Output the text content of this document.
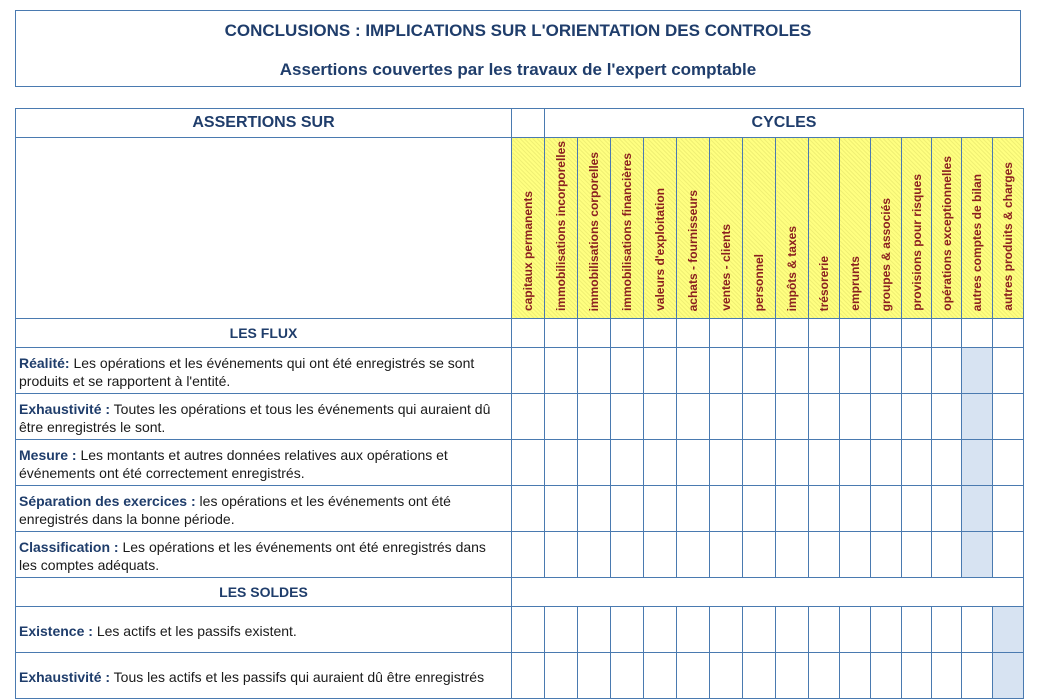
CONCLUSIONS : IMPLICATIONS SUR L'ORIENTATION DES CONTROLES
Assertions couvertes par les travaux de l'expert comptable
ASSERTIONS SUR		CYCLES														
	capitaux permanents	immobilisations incorporelles	immobilisations corporelles	immobilisations financières	valeurs d'exploitation	achats - fournisseurs	ventes - clients	personnel	impôts & taxes	trésorerie	emprunts	groupes & associés	provisions pour risques	opérations exceptionnelles	autres comptes de bilan	autres produits & charges
LES FLUX																
Réalité: Les opérations et les événements qui ont été enregistrés se sont produits et se rapportent à l'entité.																
Exhaustivité : Toutes les opérations et tous les événements qui auraient dû être enregistrés le sont.																
Mesure : Les montants et autres données relatives aux opérations et événements ont été correctement enregistrés.																
Séparation des exercices : les opérations et les événements ont été enregistrés dans la bonne période.																
Classification : Les opérations et les événements ont été enregistrés dans les comptes adéquats.																
LES SOLDES																
Existence : Les actifs et les passifs existent.																
Exhaustivité : Tous les actifs et les passifs qui auraient dû être enregistrés																
